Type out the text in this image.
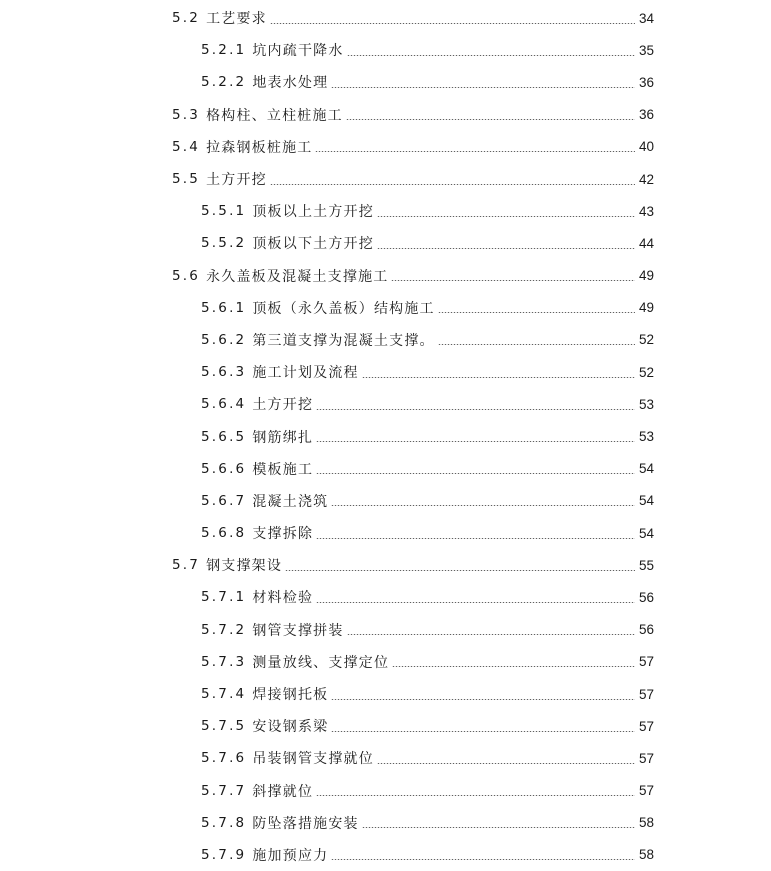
5.2 工艺要求	34
5.2.1 坑内疏干降水	35
5.2.2 地表水处理	36
5.3 格构柱、立柱桩施工	36
5.4 拉森钢板桩施工	40
5.5 土方开挖	42
5.5.1 顶板以上土方开挖	43
5.5.2 顶板以下土方开挖	44
5.6 永久盖板及混凝土支撑施工	49
5.6.1 顶板（永久盖板）结构施工	49
5.6.2 第三道支撑为混凝土支撑。	52
5.6.3 施工计划及流程	52
5.6.4 土方开挖	53
5.6.5 钢筋绑扎	53
5.6.6 模板施工	54
5.6.7 混凝土浇筑	54
5.6.8 支撑拆除	54
5.7 钢支撑架设	55
5.7.1 材料检验	56
5.7.2 钢管支撑拼装	56
5.7.3 测量放线、支撑定位	57
5.7.4 焊接钢托板	57
5.7.5 安设钢系梁	57
5.7.6 吊装钢管支撑就位	57
5.7.7 斜撑就位	57
5.7.8 防坠落措施安装	58
5.7.9 施加预应力	58
